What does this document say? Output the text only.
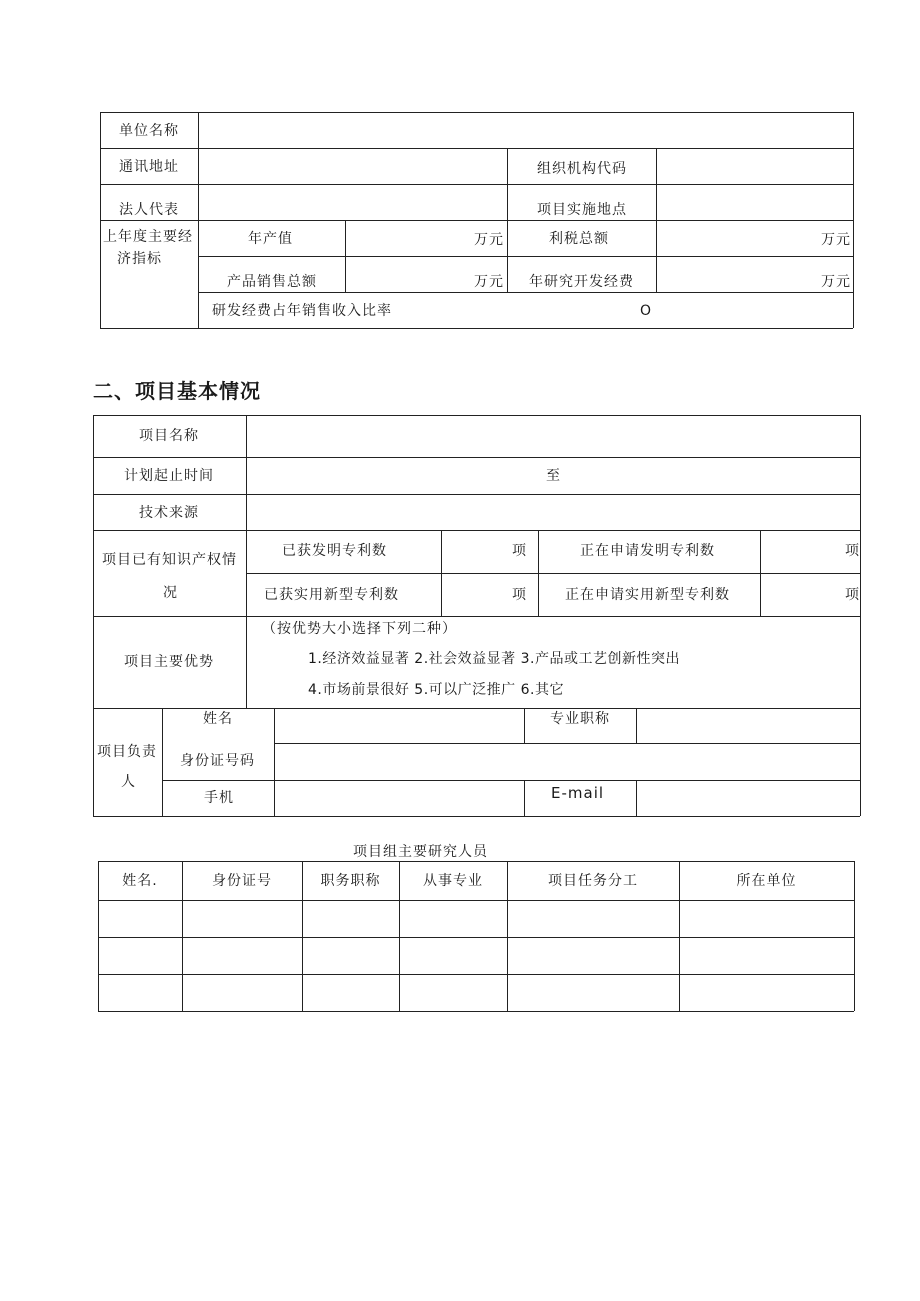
单位名称
通讯地址	组织机构代码
法人代表	项目实施地点
上年度主要经
济指标
年产值	万元	利税总额	万元
产品销售总额	万元 年研究开发经费	万元
研发经费占年销售收入比率	O
二、项目基本情况
项目名称
计划起止时间	至
技术来源
项目已有知识产权情
况
已获发明专利数	项	正在申请发明专利数	项
已获实用新型专利数	项	正在申请实用新型专利数	项
项目主要优势
（按优势大小选择下列二种）
1.经济效益显著 2.社会效益显著 3.产品或工艺创新性突出
4.市场前景很好 5.可以广泛推广 6.其它
项目负责
人
姓名	专业职称
身份证号码
手机	E-mail
项目组主要研究人员
姓名.	身份证号	职务职称	从事专业	项目任务分工	所在单位
